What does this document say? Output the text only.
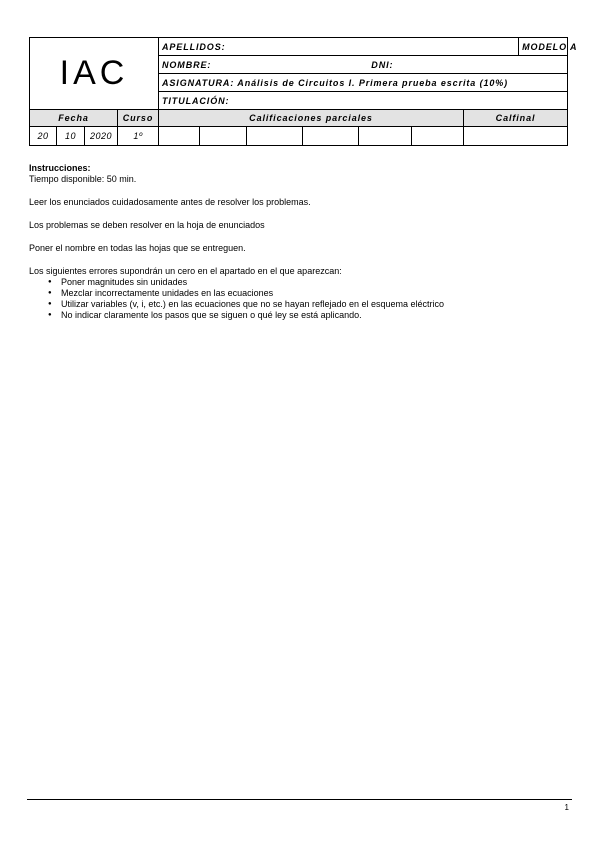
IAC				APELLIDOS:							MODELO A
				NOMBRE: DNI:							
				ASIGNATURA: Análisis de Circuitos I. Primera prueba escrita (10%)							
				TITULACIÓN:							
Fecha			Curso	Calificaciones parciales						Calfinal	
20	10	2020	1º								

Instrucciones:
Tiempo disponible: 50 min.

Leer los enunciados cuidadosamente antes de resolver los problemas.

Los problemas se deben resolver en la hoja de enunciados

Poner el nombre en todas las hojas que se entreguen.

Los siguientes errores supondrán un cero en el apartado en el que aparezcan:
● Poner magnitudes sin unidades
● Mezclar incorrectamente unidades en las ecuaciones
● Utilizar variables (v, i, etc.) en las ecuaciones que no se hayan reflejado en el esquema eléctrico
● No indicar claramente los pasos que se siguen o qué ley se está aplicando.
1
